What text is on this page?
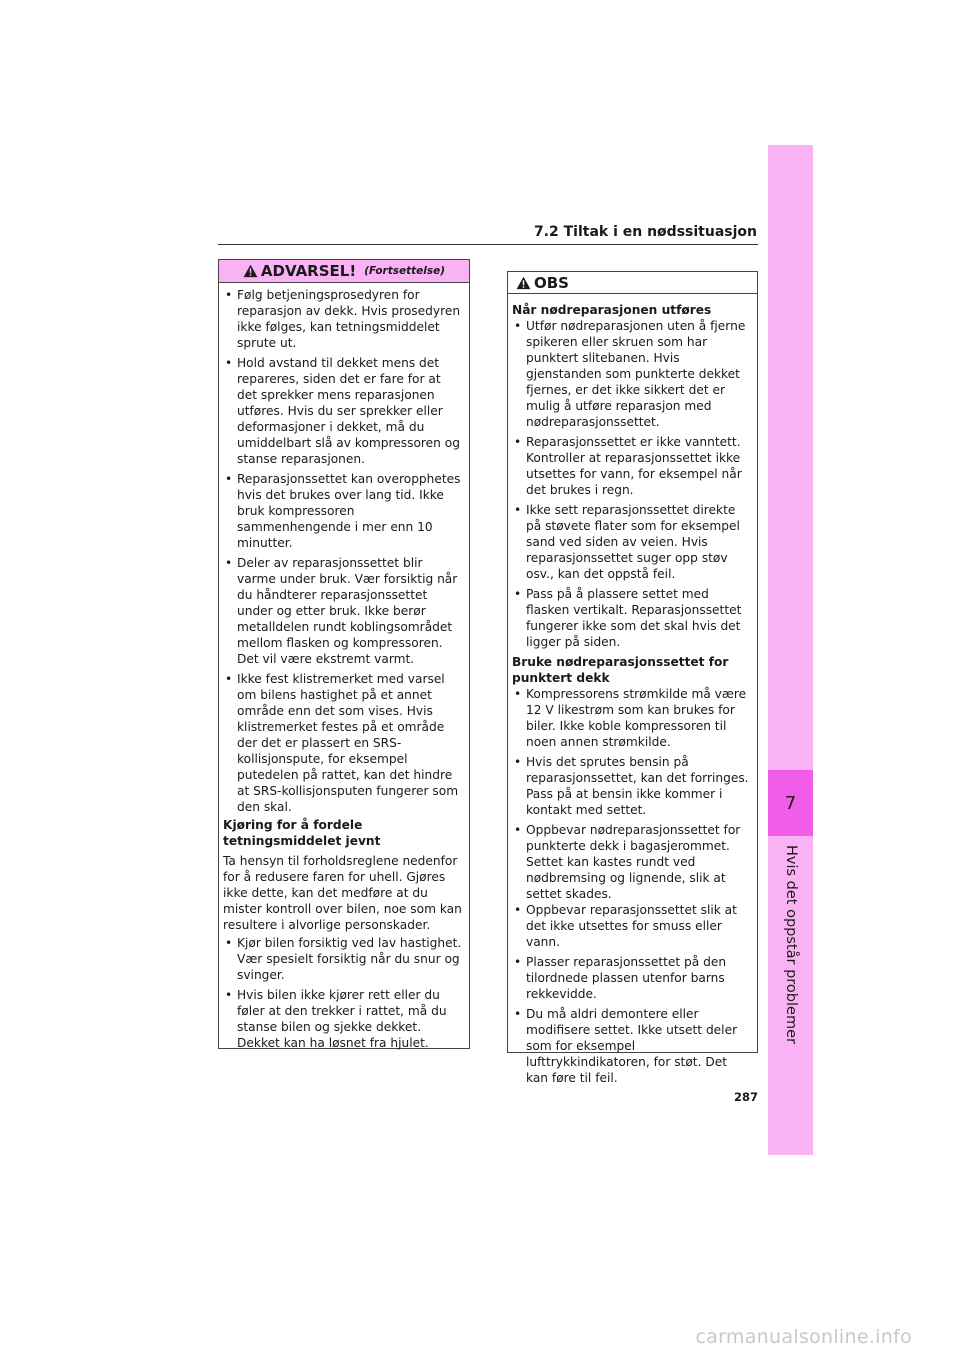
7
Hvis det oppstår problemer
7.2 Tiltak i en nødssituasjon
ADVARSEL! (Fortsettelse)
• Følg betjeningsprosedyren for reparasjon av dekk. Hvis prosedyren ikke følges, kan tetningsmiddelet sprute ut.
• Hold avstand til dekket mens det repareres, siden det er fare for at det sprekker mens reparasjonen utføres. Hvis du ser sprekker eller deformasjoner i dekket, må du umiddelbart slå av kompressoren og stanse reparasjonen.
• Reparasjonssettet kan overopphetes hvis det brukes over lang tid. Ikke bruk kompressoren sammenhengende i mer enn 10 minutter.
• Deler av reparasjonssettet blir varme under bruk. Vær forsiktig når du håndterer reparasjonssettet under og etter bruk. Ikke berør metalldelen rundt koblingsområdet mellom flasken og kompressoren. Det vil være ekstremt varmt.
• Ikke fest klistremerket med varsel om bilens hastighet på et annet område enn det som vises. Hvis klistremerket festes på et område der det er plassert en SRS-kollisjonspute, for eksempel putedelen på rattet, kan det hindre at SRS-kollisjonsputen fungerer som den skal.
Kjøring for å fordele tetningsmiddelet jevnt
Ta hensyn til forholdsreglene nedenfor for å redusere faren for uhell. Gjøres ikke dette, kan det medføre at du mister kontroll over bilen, noe som kan resultere i alvorlige personskader.
• Kjør bilen forsiktig ved lav hastighet. Vær spesielt forsiktig når du snur og svinger.
• Hvis bilen ikke kjører rett eller du føler at den trekker i rattet, må du stanse bilen og sjekke dekket. Dekket kan ha løsnet fra hjulet.
OBS
Når nødreparasjonen utføres
• Utfør nødreparasjonen uten å fjerne spikeren eller skruen som har punktert slitebanen. Hvis gjenstanden som punkterte dekket fjernes, er det ikke sikkert det er mulig å utføre reparasjon med nødreparasjonssettet.
• Reparasjonssettet er ikke vanntett. Kontroller at reparasjonssettet ikke utsettes for vann, for eksempel når det brukes i regn.
• Ikke sett reparasjonssettet direkte på støvete flater som for eksempel sand ved siden av veien. Hvis reparasjonssettet suger opp støv osv., kan det oppstå feil.
• Pass på å plassere settet med flasken vertikalt. Reparasjonssettet fungerer ikke som det skal hvis det ligger på siden.
Bruke nødreparasjonssettet for punktert dekk
• Kompressorens strømkilde må være 12 V likestrøm som kan brukes for biler. Ikke koble kompressoren til noen annen strømkilde.
• Hvis det sprutes bensin på reparasjonssettet, kan det forringes. Pass på at bensin ikke kommer i kontakt med settet.
• Oppbevar nødreparasjonssettet for punkterte dekk i bagasjerommet. Settet kan kastes rundt ved nødbremsing og lignende, slik at settet skades.
• Oppbevar reparasjonssettet slik at det ikke utsettes for smuss eller vann.
• Plasser reparasjonssettet på den tilordnede plassen utenfor barns rekkevidde.
• Du må aldri demontere eller modifisere settet. Ikke utsett deler som for eksempel lufttrykkindikatoren, for støt. Det kan føre til feil.
287
carmanualsonline.info
